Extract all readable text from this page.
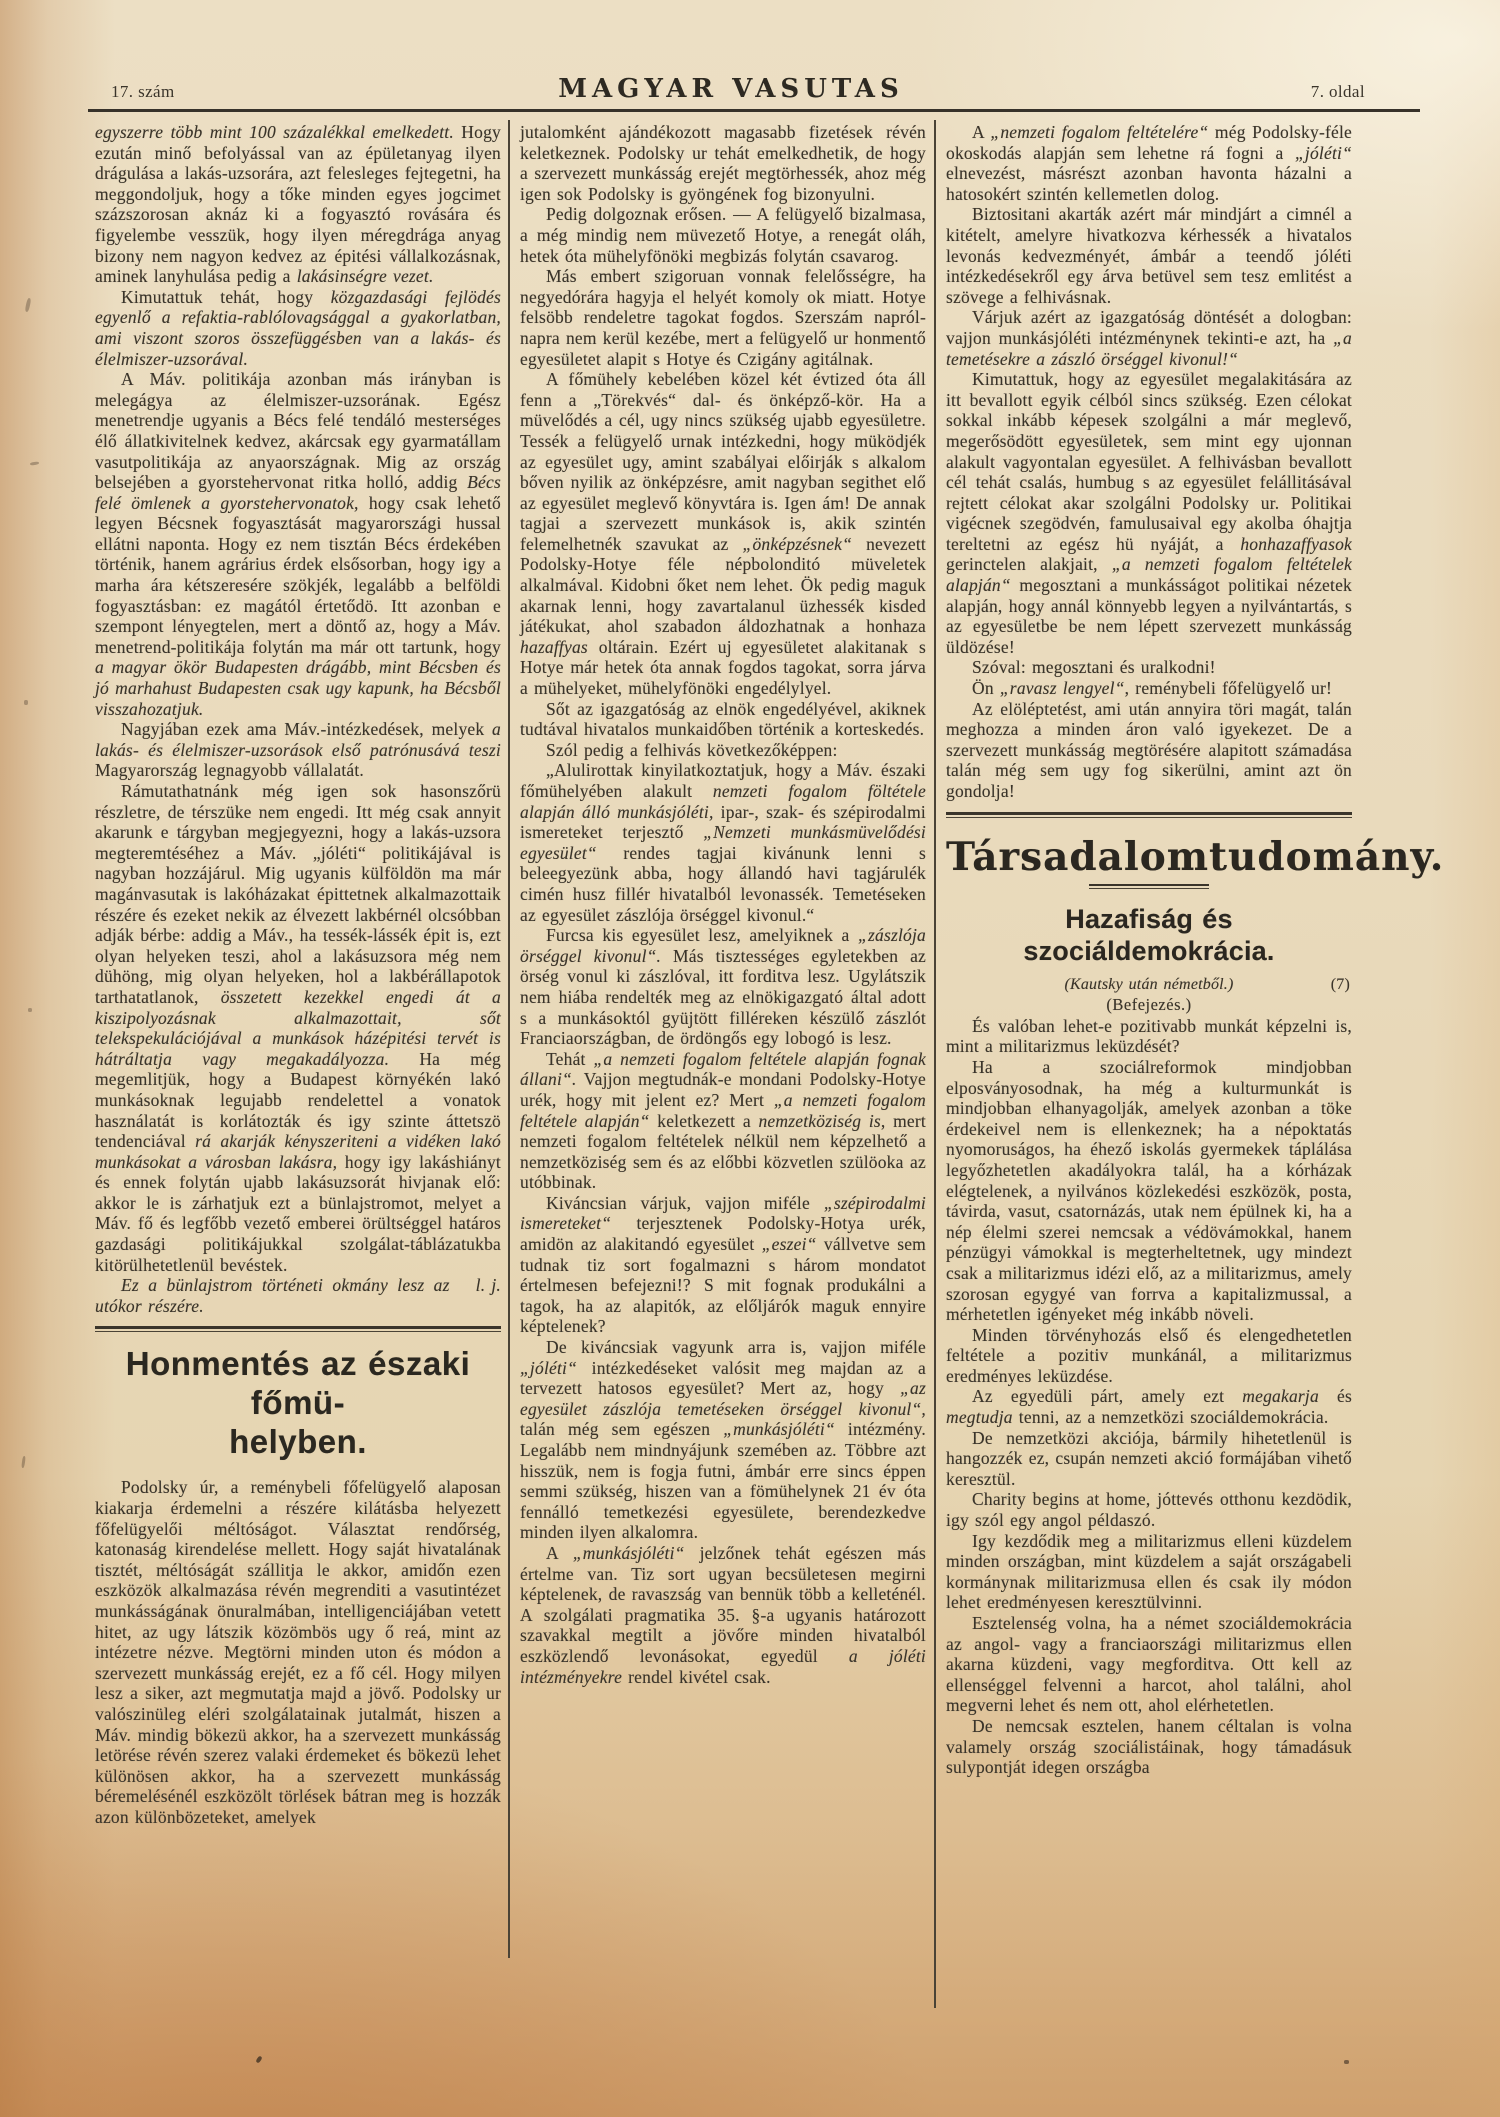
17. szám	MAGYAR VASUTAS	7. oldal

egyszerre több mint 100 százalékkal emelkedett. Hogy ezután minő befolyással van az épületanyag ilyen drágulása a lakás-uzsorára, azt felesleges fejtegetni, ha meggondoljuk, hogy a tőke minden egyes jogcimet százszorosan aknáz ki a fogyasztó rovására és figyelembe vesszük, hogy ilyen méregdrága anyag bizony nem nagyon kedvez az épitési vállalkozásnak, aminek lanyhulása pedig a lakásinségre vezet.

Kimutattuk tehát, hogy közgazdasági fejlödés egyenlő a refaktia-rablólovagsággal a gyakorlatban, ami viszont szoros összefüggésben van a lakás- és élelmiszer-uzsorával.

A Máv. politikája azonban más irányban is melegágya az élelmiszer-uzsorának. Egész menetrendje ugyanis a Bécs felé tendáló mesterséges élő állatkivitelnek kedvez, akárcsak egy gyarmatállam vasutpolitikája az anyaországnak. Mig az ország belsejében a gyorstehervonat ritka holló, addig Bécs felé ömlenek a gyorstehervonatok, hogy csak lehető legyen Bécsnek fogyasztását magyarországi hussal ellátni naponta. Hogy ez nem tisztán Bécs érdekében történik, hanem agrárius érdek elsősorban, hogy igy a marha ára kétszeresére szökjék, legalább a belföldi fogyasztásban: ez magától értetődö. Itt azonban e szempont lényegtelen, mert a döntő az, hogy a Máv. menetrend-politikája folytán ma már ott tartunk, hogy a magyar ökör Budapesten drágább, mint Bécsben és jó marhahust Budapesten csak ugy kapunk, ha Bécsből visszahozatjuk.

Nagyjában ezek ama Máv.-intézkedések, melyek a lakás- és élelmiszer-uzsorások első patrónusává teszi Magyarország legnagyobb vállalatát.

Rámutathatnánk még igen sok hasonszőrü részletre, de térszüke nem engedi. Itt még csak annyit akarunk e tárgyban megjegyezni, hogy a lakás-uzsora megteremtéséhez a Máv. „jóléti“ politikájával is nagyban hozzájárul. Mig ugyanis külföldön ma már magánvasutak is lakóházakat épittetnek alkalmazottaik részére és ezeket nekik az élvezett lakbérnél olcsóbban adják bérbe: addig a Máv., ha tessék-lássék épit is, ezt olyan helyeken teszi, ahol a lakásuzsora még nem dühöng, mig olyan helyeken, hol a lakbérállapotok tarthatatlanok, összetett kezekkel engedi át a kiszipolyozásnak alkalmazottait, sőt telekspekulációjával a munkások házépitési tervét is hátráltatja vagy megakadályozza. Ha még megemlitjük, hogy a Budapest környékén lakó munkásoknak legujabb rendelettel a vonatok használatát is korlátozták és igy szinte áttetszö tendenciával rá akarják kényszeriteni a vidéken lakó munkásokat a városban lakásra, hogy igy lakáshiányt és ennek folytán ujabb lakásuzsorát hivjanak elő: akkor le is zárhatjuk ezt a bünlajstromot, melyet a Máv. fő és legfőbb vezető emberei örültséggel határos gazdasági politikájukkal szolgálat-táblázatukba kitörülhetetlenül bevéstek.

l. j.
Ez a bünlajstrom történeti okmány lesz az utókor részére.

Honmentés az északi főmü-
helyben.

Podolsky úr, a reménybeli főfelügyelő alaposan kiakarja érdemelni a részére kilátásba helyezett főfelügyelői méltóságot. Választat rendőrség, katonaság kirendelése mellett. Hogy saját hivatalának tisztét, méltóságát szállitja le akkor, amidőn ezen eszközök alkalmazása révén megrenditi a vasutintézet munkásságának önuralmában, intelligenciájában vetett hitet, az ugy látszik közömbös ugy ő reá, mint az intézetre nézve. Megtörni minden uton és módon a szervezett munkásság erejét, ez a fő cél. Hogy milyen lesz a siker, azt megmutatja majd a jövő. Podolsky ur valószinüleg eléri szolgálatainak jutalmát, hiszen a Máv. mindig bökezü akkor, ha a szervezett munkásság letörése révén szerez valaki érdemeket és bökezü lehet különösen akkor, ha a szervezett munkásság béremelésénél eszközölt törlések bátran meg is hozzák azon különbözeteket, amelyek

jutalomként ajándékozott magasabb fizetések révén keletkeznek. Podolsky ur tehát emelkedhetik, de hogy a szervezett munkásság erejét megtörhessék, ahoz még igen sok Podolsky is gyöngének fog bizonyulni.

Pedig dolgoznak erősen. — A felügyelő bizalmasa, a még mindig nem müvezető Hotye, a renegát oláh, hetek óta mühelyfönöki megbizás folytán csavarog.

Más embert szigoruan vonnak felelősségre, ha negyedórára hagyja el helyét komoly ok miatt. Hotye felsöbb rendeletre tagokat fogdos. Szerszám napról-napra nem kerül kezébe, mert a felügyelő ur honmentő egyesületet alapit s Hotye és Czigány agitálnak.

A főmühely kebelében közel két évtized óta áll fenn a „Törekvés“ dal- és önképző-kör. Ha a müvelődés a cél, ugy nincs szükség ujabb egyesületre. Tessék a felügyelő urnak intézkedni, hogy müködjék az egyesület ugy, amint szabályai előirják s alkalom bőven nyilik az önképzésre, amit nagyban segithet elő az egyesület meglevő könyvtára is. Igen ám! De annak tagjai a szervezett munkások is, akik szintén felemelhetnék szavukat az „önképzésnek“ nevezett Podolsky-Hotye féle népbolonditó müveletek alkalmával. Kidobni őket nem lehet. Ök pedig maguk akarnak lenni, hogy zavartalanul üzhessék kisded játékukat, ahol szabadon áldozhatnak a honhaza hazaffyas oltárain. Ezért uj egyesületet alakitanak s Hotye már hetek óta annak fogdos tagokat, sorra járva a mühelyeket, mühelyfönöki engedélylyel.

Sőt az igazgatóság az elnök engedélyével, akiknek tudtával hivatalos munkaidőben történik a korteskedés.

Szól pedig a felhivás következőképpen:

„Alulirottak kinyilatkoztatjuk, hogy a Máv. északi főmühelyében alakult nemzeti fogalom föltétele alapján álló munkásjóléti, ipar-, szak- és szépirodalmi ismereteket terjesztő „Nemzeti munkásmüvelődési egyesület“ rendes tagjai kivánunk lenni s beleegyezünk abba, hogy állandó havi tagjárulék cimén husz fillér hivatalból levonassék. Temetéseken az egyesület zászlója örséggel kivonul.“

Furcsa kis egyesület lesz, amelyiknek a „zászlója örséggel kivonul“. Más tisztességes egyletekben az örség vonul ki zászlóval, itt forditva lesz. Ugylátszik nem hiába rendelték meg az elnökigazgató által adott s a munkásoktól gyüjtött filléreken készülő zászlót Franciaországban, de ördöngős egy lobogó is lesz.

Tehát „a nemzeti fogalom feltétele alapján fognak állani“. Vajjon megtudnák-e mondani Podolsky-Hotye urék, hogy mit jelent ez? Mert „a nemzeti fogalom feltétele alapján“ keletkezett a nemzetköziség is, mert nemzeti fogalom feltételek nélkül nem képzelhető a nemzetköziség sem és az előbbi közvetlen szülöoka az utóbbinak.

Kiváncsian várjuk, vajjon miféle „szépirodalmi ismereteket“ terjesztenek Podolsky-Hotya urék, amidön az alakitandó egyesület „eszei“ vállvetve sem tudnak tiz sort fogalmazni s három mondatot értelmesen befejezni!? S mit fognak produkálni a tagok, ha az alapitók, az előljárók maguk ennyire képtelenek?

De kiváncsiak vagyunk arra is, vajjon miféle „jóléti“ intézkedéseket valósit meg majdan az a tervezett hatosos egyesület? Mert az, hogy „az egyesület zászlója temetéseken örséggel kivonul“, talán még sem egészen „munkásjóléti“ intézmény. Legalább nem mindnyájunk szemében az. Többre azt hisszük, nem is fogja futni, ámbár erre sincs éppen semmi szükség, hiszen van a fömühelynek 21 év óta fennálló temetkezési egyesülete, berendezkedve minden ilyen alkalomra.

A „munkásjóléti“ jelzőnek tehát egészen más értelme van. Tiz sort ugyan becsületesen megirni képtelenek, de ravaszság van bennük több a kelleténél. A szolgálati pragmatika 35. §-a ugyanis határozott szavakkal megtilt a jövőre minden hivatalból eszközlendő levonásokat, egyedül a jóléti intézményekre rendel kivétel csak.

A „nemzeti fogalom feltételére“ még Podolsky-féle okoskodás alapján sem lehetne rá fogni a „jóléti“ elnevezést, másrészt azonban havonta házalni a hatosokért szintén kellemetlen dolog.

Biztositani akarták azért már mindjárt a cimnél a kitételt, amelyre hivatkozva kérhessék a hivatalos levonás kedvezményét, ámbár a teendő jóléti intézkedésekről egy árva betüvel sem tesz emlitést a szövege a felhivásnak.

Várjuk azért az igazgatóság döntését a dologban: vajjon munkásjóléti intézménynek tekinti-e azt, ha „a temetésekre a zászló örséggel kivonul!“

Kimutattuk, hogy az egyesület megalakitására az itt bevallott egyik célból sincs szükség. Ezen célokat sokkal inkább képesek szolgálni a már meglevő, megerősödött egyesületek, sem mint egy ujonnan alakult vagyontalan egyesület. A felhivásban bevallott cél tehát csalás, humbug s az egyesület felállitásával rejtett célokat akar szolgálni Podolsky ur. Politikai vigécnek szegödvén, famulusaival egy akolba óhajtja tereltetni az egész hü nyáját, a honhazaffyasok gerinctelen alakjait, „a nemzeti fogalom feltételek alapján“ megosztani a munkásságot politikai nézetek alapján, hogy annál könnyebb legyen a nyilvántartás, s az egyesületbe be nem lépett szervezett munkásság üldözése!

Szóval: megosztani és uralkodni!

Ön „ravasz lengyel“, reménybeli főfelügyelő ur!

Az elöléptetést, ami után annyira töri magát, talán meghozza a minden áron való igyekezet. De a szervezett munkásság megtörésére alapitott számadása talán még sem ugy fog sikerülni, amint azt ön gondolja!

Társadalomtudomány.
Hazafiság és szociáldemokrácia.

(Kautsky után németből.)	(7)

(Befejezés.)

És valóban lehet-e pozitivabb munkát képzelni is, mint a militarizmus leküzdését?

Ha a szociálreformok mindjobban elposványosodnak, ha még a kulturmunkát is mindjobban elhanyagolják, amelyek azonban a töke érdekeivel nem is ellenkeznek; ha a népoktatás nyomoruságos, ha éhező iskolás gyermekek táplálása legyőzhetetlen akadályokra talál, ha a kórházak elégtelenek, a nyilvános közlekedési eszközök, posta, távirda, vasut, csatornázás, utak nem épülnek ki, ha a nép élelmi szerei nemcsak a védövámokkal, hanem pénzügyi vámokkal is megterheltetnek, ugy mindezt csak a militarizmus idézi elő, az a militarizmus, amely szorosan egygyé van forrva a kapitalizmussal, a mérhetetlen igényeket még inkább növeli.

Minden törvényhozás első és elengedhetetlen feltétele a pozitiv munkánál, a militarizmus eredményes leküzdése.

Az egyedüli párt, amely ezt megakarja és megtudja tenni, az a nemzetközi szociáldemokrácia.

De nemzetközi akciója, bármily hihetetlenül is hangozzék ez, csupán nemzeti akció formájában vihető keresztül.

Charity begins at home, jóttevés otthonu kezdödik, igy szól egy angol példaszó.

Igy kezdődik meg a militarizmus elleni küzdelem minden országban, mint küzdelem a saját országabeli kormánynak militarizmusa ellen és csak ily módon lehet eredményesen keresztülvinni.

Esztelenség volna, ha a német szociáldemokrácia az angol- vagy a franciaországi militarizmus ellen akarna küzdeni, vagy megforditva. Ott kell az ellenséggel felvenni a harcot, ahol találni, ahol megverni lehet és nem ott, ahol elérhetetlen.

De nemcsak esztelen, hanem céltalan is volna valamely ország szociálistáinak, hogy támadásuk sulypontját idegen országba
